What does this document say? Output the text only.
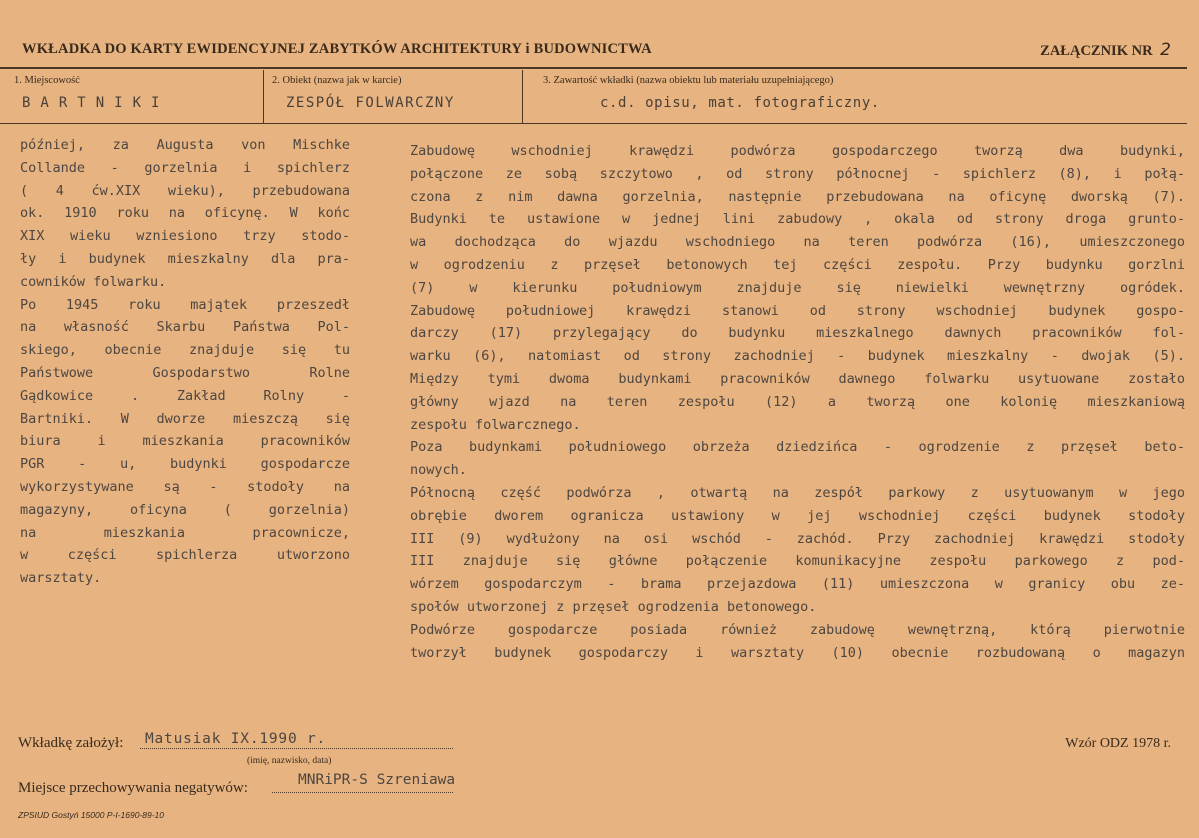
WKŁADKA DO KARTY EWIDENCYJNEJ ZABYTKÓW ARCHITEKTURY i BUDOWNICTWA	ZAŁĄCZNIK NR 2
1. Miejscowość
BARTNIKI
2. Obiekt (nazwa jak w karcie)
ZESPÓŁ FOLWARCZNY
3. Zawartość wkładki (nazwa obiektu lub materiału uzupełniającego)
c.d. opisu, mat. fotograficzny.
później, za Augusta von Mischke
Collande - gorzelnia i spichlerz
( 4 ćw.XIX wieku), przebudowana
ok. 1910 roku na oficynę. W końc
XIX wieku wzniesiono trzy stodo-
ły i budynek mieszkalny dla pra-
cowników folwarku.
Po 1945 roku majątek przeszedł
na własność Skarbu Państwa Pol-
skiego, obecnie znajduje się tu
Państwowe Gospodarstwo Rolne
Gądkowice . Zakład Rolny -
Bartniki. W dworze mieszczą się
biura i mieszkania pracowników
PGR - u, budynki gospodarcze
wykorzystywane są - stodoły na
magazyny, oficyna ( gorzelnia)
na mieszkania pracownicze,
w części spichlerza utworzono
warsztaty.
Zabudowę wschodniej krawędzi podwórza gospodarczego tworzą dwa budynki,
połączone ze sobą szczytowo , od strony północnej - spichlerz (8), i połą-
czona z nim dawna gorzelnia, następnie przebudowana na oficynę dworską (7).
Budynki te ustawione w jednej lini zabudowy , okala od strony droga grunto-
wa dochodząca do wjazdu wschodniego na teren podwórza (16), umieszczonego
w ogrodzeniu z przęseł betonowych tej części zespołu. Przy budynku gorzlni
(7) w kierunku południowym znajduje się niewielki wewnętrzny ogródek.
Zabudowę południowej krawędzi stanowi od strony wschodniej budynek gospo-
darczy (17) przylegający do budynku mieszkalnego dawnych pracowników fol-
warku (6), natomiast od strony zachodniej - budynek mieszkalny - dwojak (5).
Między tymi dwoma budynkami pracowników dawnego folwarku usytuowane zostało
główny wjazd na teren zespołu (12) a tworzą one kolonię mieszkaniową
zespołu folwarcznego.
Poza budynkami południowego obrzeża dziedzińca - ogrodzenie z przęseł beto-
nowych.
Północną część podwórza , otwartą na zespół parkowy z usytuowanym w jego
obrębie dworem ogranicza ustawiony w jej wschodniej części budynek stodoły
III (9) wydłużony na osi wschód - zachód. Przy zachodniej krawędzi stodoły
III znajduje się główne połączenie komunikacyjne zespołu parkowego z pod-
wórzem gospodarczym - brama przejazdowa (11) umieszczona w granicy obu ze-
społów utworzonej z przęseł ogrodzenia betonowego.
Podwórze gospodarcze posiada również zabudowę wewnętrzną, którą pierwotnie
tworzył budynek gospodarczy i warsztaty (10) obecnie rozbudowaną o magazyn
Wkładkę założył: Matusiak IX.1990 r.
(imię, nazwisko, data)
Wzór ODZ 1978 r.
Miejsce przechowywania negatywów:	MNRiPR-S Szreniawa
ZPSIUD Gostyń 15000 P-I-1690-89-10
